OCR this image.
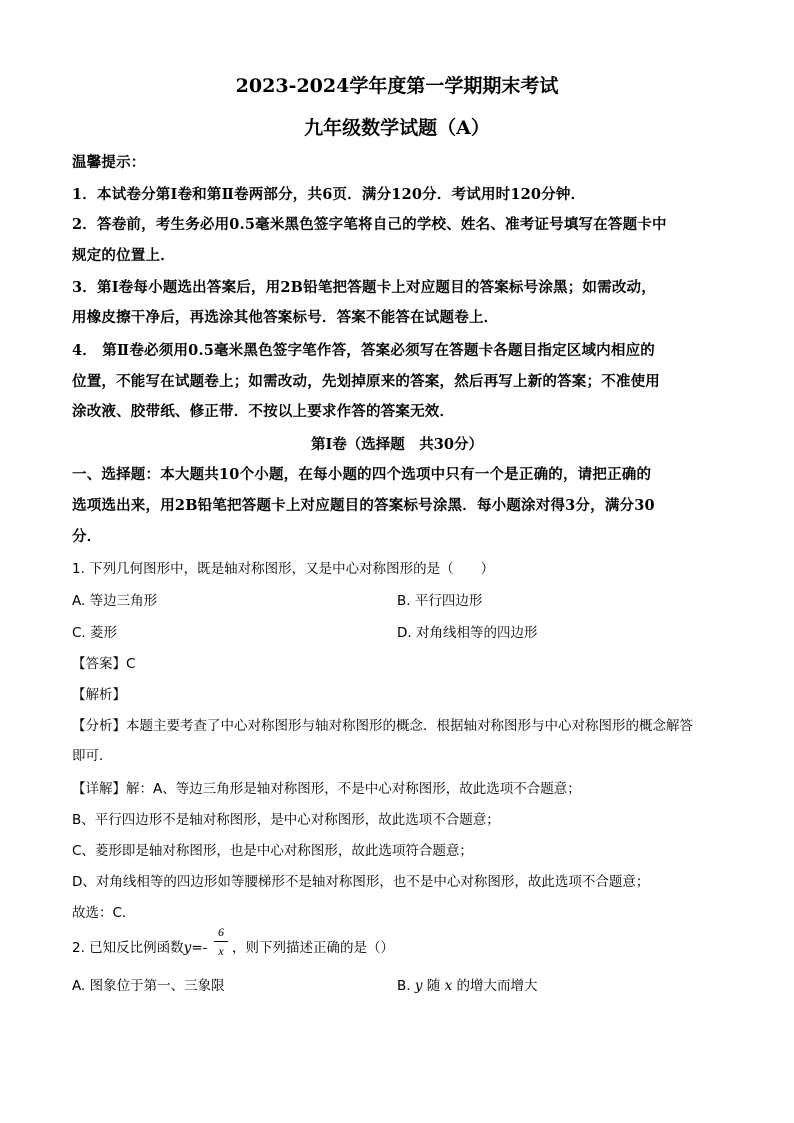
2023-2024学年度第一学期期末考试
九年级数学试题（A）
温馨提示：
1．本试卷分第Ⅰ卷和第Ⅱ卷两部分，共6页．满分120分．考试用时120分钟．
2．答卷前，考生务必用0.5毫米黑色签字笔将自己的学校、姓名、准考证号填写在答题卡中
规定的位置上．
3．第Ⅰ卷每小题选出答案后，用2B铅笔把答题卡上对应题目的答案标号涂黑；如需改动，
用橡皮擦干净后，再选涂其他答案标号．答案不能答在试题卷上．
4． 第Ⅱ卷必须用0.5毫米黑色签字笔作答，答案必须写在答题卡各题目指定区域内相应的
位置，不能写在试题卷上；如需改动，先划掉原来的答案，然后再写上新的答案；不准使用
涂改液、胶带纸、修正带．不按以上要求作答的答案无效．
第Ⅰ卷（选择题　共30分）
一、选择题：本大题共10个小题，在每小题的四个选项中只有一个是正确的，请把正确的
选项选出来，用2B铅笔把答题卡上对应题目的答案标号涂黑．每小题涂对得3分，满分30
分．
1. 下列几何图形中，既是轴对称图形，又是中心对称图形的是（　　）
A. 等边三角形	B. 平行四边形
C. 菱形	D. 对角线相等的四边形
【答案】C
【解析】
【分析】本题主要考查了中心对称图形与轴对称图形的概念．根据轴对称图形与中心对称图形的概念解答
即可．
【详解】解：A、等边三角形是轴对称图形，不是中心对称图形，故此选项不合题意；
B、平行四边形不是轴对称图形，是中心对称图形，故此选项不合题意；
C、菱形即是轴对称图形，也是中心对称图形，故此选项符合题意；
D、对角线相等的四边形如等腰梯形不是轴对称图形，也不是中心对称图形，故此选项不合题意；
故选：C．
2. 已知反比例函数y=-
6
x ，则下列描述正确的是（）
A. 图象位于第一、三象限	B. y 随 x 的增大而增大
